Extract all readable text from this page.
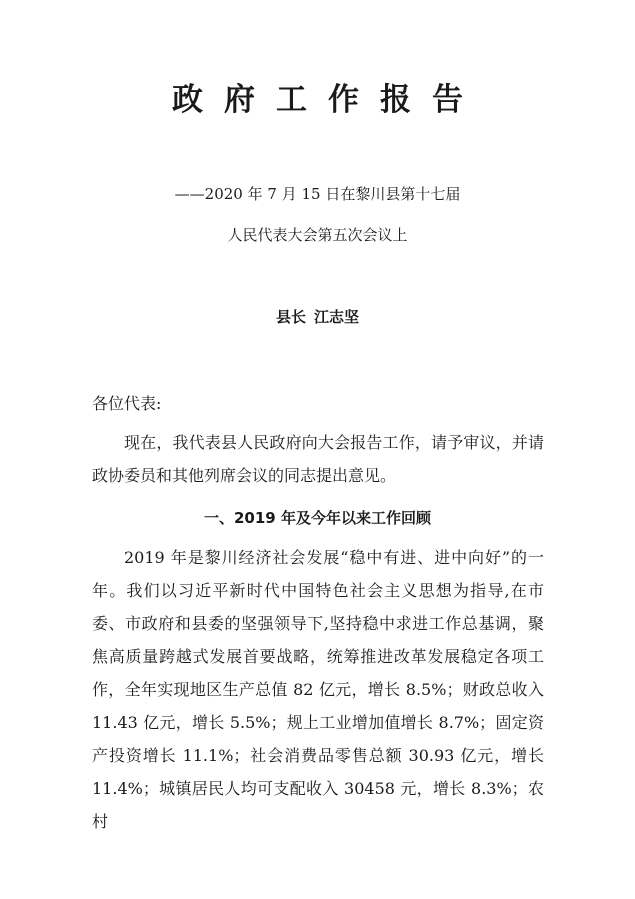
政府工作报告
——2020 年 7 月 15 日在黎川县第十七届
人民代表大会第五次会议上
县长 江志坚
各位代表:
现在，我代表县人民政府向大会报告工作，请予审议，并请政协委员和其他列席会议的同志提出意见。
一、2019 年及今年以来工作回顾
2019 年是黎川经济社会发展“稳中有进、进中向好”的一年。我们以习近平新时代中国特色社会主义思想为指导,在市委、市政府和县委的坚强领导下,坚持稳中求进工作总基调，聚焦高质量跨越式发展首要战略，统筹推进改革发展稳定各项工作，全年实现地区生产总值 82 亿元，增长 8.5%；财政总收入 11.43 亿元，增长 5.5%；规上工业增加值增长 8.7%；固定资产投资增长 11.1%；社会消费品零售总额 30.93 亿元，增长 11.4%；城镇居民人均可支配收入 30458 元，增长 8.3%；农村
